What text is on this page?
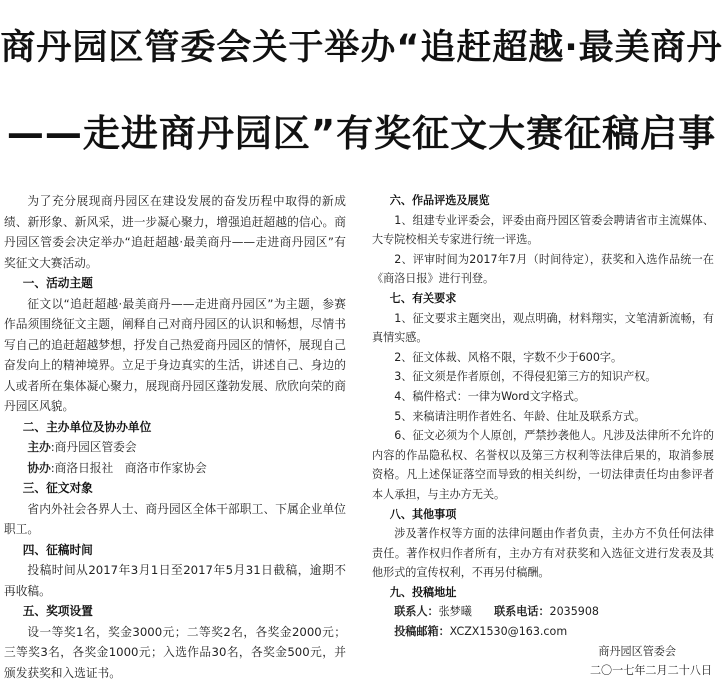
商丹园区管委会关于举办“追赶超越·最美商丹
——走进商丹园区”有奖征文大赛征稿启事

为了充分展现商丹园区在建设发展的奋发历程中取得的新成绩、新形象、新风采，进一步凝心聚力，增强追赶超越的信心。商丹园区管委会决定举办“追赶超越·最美商丹——走进商丹园区”有奖征文大赛活动。

一、活动主题

征文以“追赶超越·最美商丹——走进商丹园区”为主题，参赛作品须围绕征文主题，阐释自己对商丹园区的认识和畅想，尽情书写自己的追赶超越梦想，抒发自己热爱商丹园区的情怀，展现自己奋发向上的精神境界。立足于身边真实的生活，讲述自己、身边的人或者所在集体凝心聚力，展现商丹园区蓬勃发展、欣欣向荣的商丹园区风貌。

二、主办单位及协办单位

主办:商丹园区管委会

协办:商洛日报社　商洛市作家协会

三、征文对象

省内外社会各界人士、商丹园区全体干部职工、下属企业单位职工。

四、征稿时间

投稿时间从2017年3月1日至2017年5月31日截稿，逾期不再收稿。

五、奖项设置

设一等奖1名，奖金3000元；二等奖2名，各奖金2000元；三等奖3名，各奖金1000元；入选作品30名，各奖金500元，并颁发获奖和入选证书。

六、作品评选及展览

1、组建专业评委会，评委由商丹园区管委会聘请省市主流媒体、大专院校相关专家进行统一评选。

2、评审时间为2017年7月（时间待定），获奖和入选作品统一在《商洛日报》进行刊登。

七、有关要求

1、征文要求主题突出，观点明确，材料翔实，文笔清新流畅，有真情实感。

2、征文体裁、风格不限，字数不少于600字。

3、征文须是作者原创，不得侵犯第三方的知识产权。

4、稿件格式：一律为Word文字格式。

5、来稿请注明作者姓名、年龄、住址及联系方式。

6、征文必须为个人原创，严禁抄袭他人。凡涉及法律所不允许的内容的作品隐私权、名誉权以及第三方权利等法律后果的，取消参展资格。凡上述保证落空而导致的相关纠纷，一切法律责任均由参评者本人承担，与主办方无关。

八、其他事项

涉及著作权等方面的法律问题由作者负责，主办方不负任何法律责任。著作权归作者所有，主办方有对获奖和入选征文进行发表及其他形式的宣传权利，不再另付稿酬。

九、投稿地址

联系人：张梦曦   联系电话：2035908

投稿邮箱：XCZX1530@163.com

商丹园区管委会

二〇一七年二月二十八日
